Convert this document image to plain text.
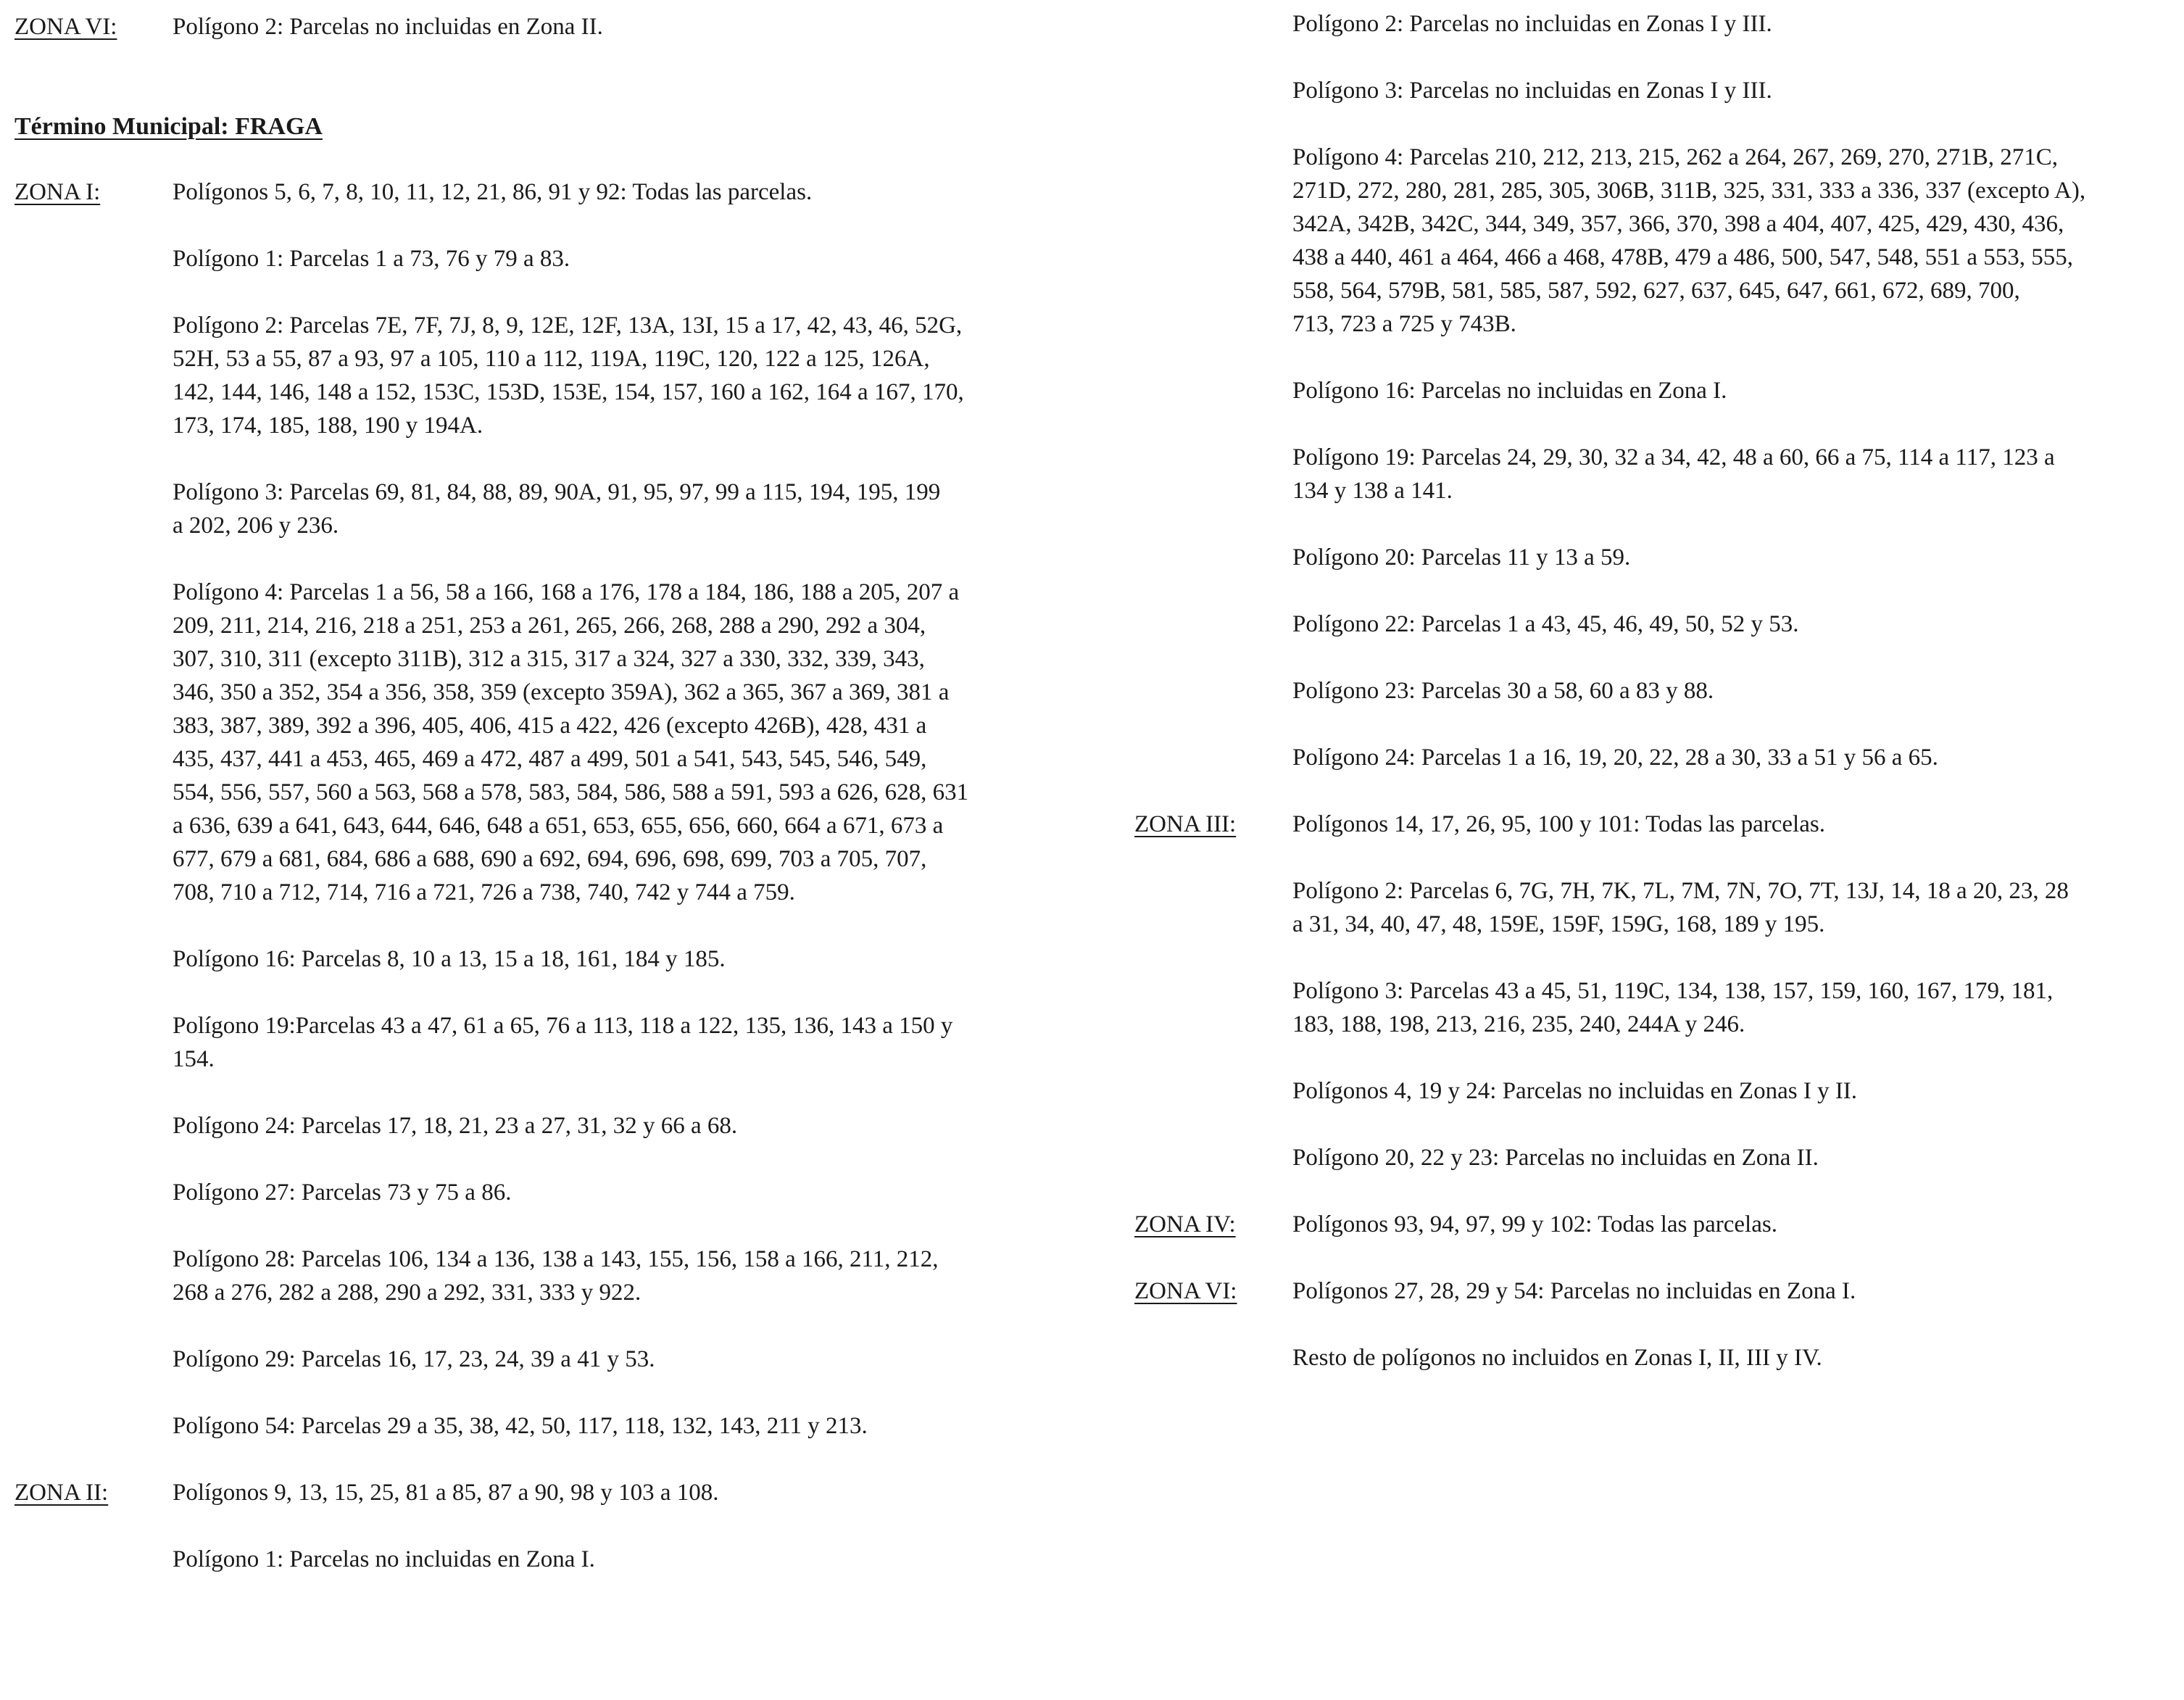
ZONA VI: Polígono 2: Parcelas no incluidas en Zona II.

Término Municipal: FRAGA
ZONA I:	Polígonos 5, 6, 7, 8, 10, 11, 12, 21, 86, 91 y 92: Todas las parcelas.

Polígono 1: Parcelas 1 a 73, 76 y 79 a 83.

Polígono 2: Parcelas 7E, 7F, 7J, 8, 9, 12E, 12F, 13A, 13I, 15 a 17, 42, 43, 46, 52G,
52H, 53 a 55, 87 a 93, 97 a 105, 110 a 112, 119A, 119C, 120, 122 a 125, 126A,
142, 144, 146, 148 a 152, 153C, 153D, 153E, 154, 157, 160 a 162, 164 a 167, 170,
173, 174, 185, 188, 190 y 194A.

Polígono 3: Parcelas 69, 81, 84, 88, 89, 90A, 91, 95, 97, 99 a 115, 194, 195, 199
a 202, 206 y 236.

Polígono 4: Parcelas 1 a 56, 58 a 166, 168 a 176, 178 a 184, 186, 188 a 205, 207 a
209, 211, 214, 216, 218 a 251, 253 a 261, 265, 266, 268, 288 a 290, 292 a 304,
307, 310, 311 (excepto 311B), 312 a 315, 317 a 324, 327 a 330, 332, 339, 343,
346, 350 a 352, 354 a 356, 358, 359 (excepto 359A), 362 a 365, 367 a 369, 381 a
383, 387, 389, 392 a 396, 405, 406, 415 a 422, 426 (excepto 426B), 428, 431 a
435, 437, 441 a 453, 465, 469 a 472, 487 a 499, 501 a 541, 543, 545, 546, 549,
554, 556, 557, 560 a 563, 568 a 578, 583, 584, 586, 588 a 591, 593 a 626, 628, 631
a 636, 639 a 641, 643, 644, 646, 648 a 651, 653, 655, 656, 660, 664 a 671, 673 a
677, 679 a 681, 684, 686 a 688, 690 a 692, 694, 696, 698, 699, 703 a 705, 707,
708, 710 a 712, 714, 716 a 721, 726 a 738, 740, 742 y 744 a 759.

Polígono 16: Parcelas 8, 10 a 13, 15 a 18, 161, 184 y 185.

Polígono 19:Parcelas 43 a 47, 61 a 65, 76 a 113, 118 a 122, 135, 136, 143 a 150 y
154.

Polígono 24: Parcelas 17, 18, 21, 23 a 27, 31, 32 y 66 a 68.

Polígono 27: Parcelas 73 y 75 a 86.

Polígono 28: Parcelas 106, 134 a 136, 138 a 143, 155, 156, 158 a 166, 211, 212,
268 a 276, 282 a 288, 290 a 292, 331, 333 y 922.

Polígono 29: Parcelas 16, 17, 23, 24, 39 a 41 y 53.

Polígono 54: Parcelas 29 a 35, 38, 42, 50, 117, 118, 132, 143, 211 y 213.

ZONA II:	Polígonos 9, 13, 15, 25, 81 a 85, 87 a 90, 98 y 103 a 108.

Polígono 1: Parcelas no incluidas en Zona I.

Polígono 2: Parcelas no incluidas en Zonas I y III.

Polígono 3: Parcelas no incluidas en Zonas I y III.

Polígono 4: Parcelas 210, 212, 213, 215, 262 a 264, 267, 269, 270, 271B, 271C,
271D, 272, 280, 281, 285, 305, 306B, 311B, 325, 331, 333 a 336, 337 (excepto A),
342A, 342B, 342C, 344, 349, 357, 366, 370, 398 a 404, 407, 425, 429, 430, 436,
438 a 440, 461 a 464, 466 a 468, 478B, 479 a 486, 500, 547, 548, 551 a 553, 555,
558, 564, 579B, 581, 585, 587, 592, 627, 637, 645, 647, 661, 672, 689, 700,
713, 723 a 725 y 743B.

Polígono 16: Parcelas no incluidas en Zona I.

Polígono 19: Parcelas 24, 29, 30, 32 a 34, 42, 48 a 60, 66 a 75, 114 a 117, 123 a
134 y 138 a 141.

Polígono 20: Parcelas 11 y 13 a 59.

Polígono 22: Parcelas 1 a 43, 45, 46, 49, 50, 52 y 53.

Polígono 23: Parcelas 30 a 58, 60 a 83 y 88.

Polígono 24: Parcelas 1 a 16, 19, 20, 22, 28 a 30, 33 a 51 y 56 a 65.

ZONA III: Polígonos 14, 17, 26, 95, 100 y 101: Todas las parcelas.

Polígono 2: Parcelas 6, 7G, 7H, 7K, 7L, 7M, 7N, 7O, 7T, 13J, 14, 18 a 20, 23, 28
a 31, 34, 40, 47, 48, 159E, 159F, 159G, 168, 189 y 195.

Polígono 3: Parcelas 43 a 45, 51, 119C, 134, 138, 157, 159, 160, 167, 179, 181,
183, 188, 198, 213, 216, 235, 240, 244A y 246.

Polígonos 4, 19 y 24: Parcelas no incluidas en Zonas I y II.

Polígono 20, 22 y 23: Parcelas no incluidas en Zona II.

ZONA IV: Polígonos 93, 94, 97, 99 y 102: Todas las parcelas.

ZONA VI: Polígonos 27, 28, 29 y 54: Parcelas no incluidas en Zona I.

Resto de polígonos no incluidos en Zonas I, II, III y IV.
